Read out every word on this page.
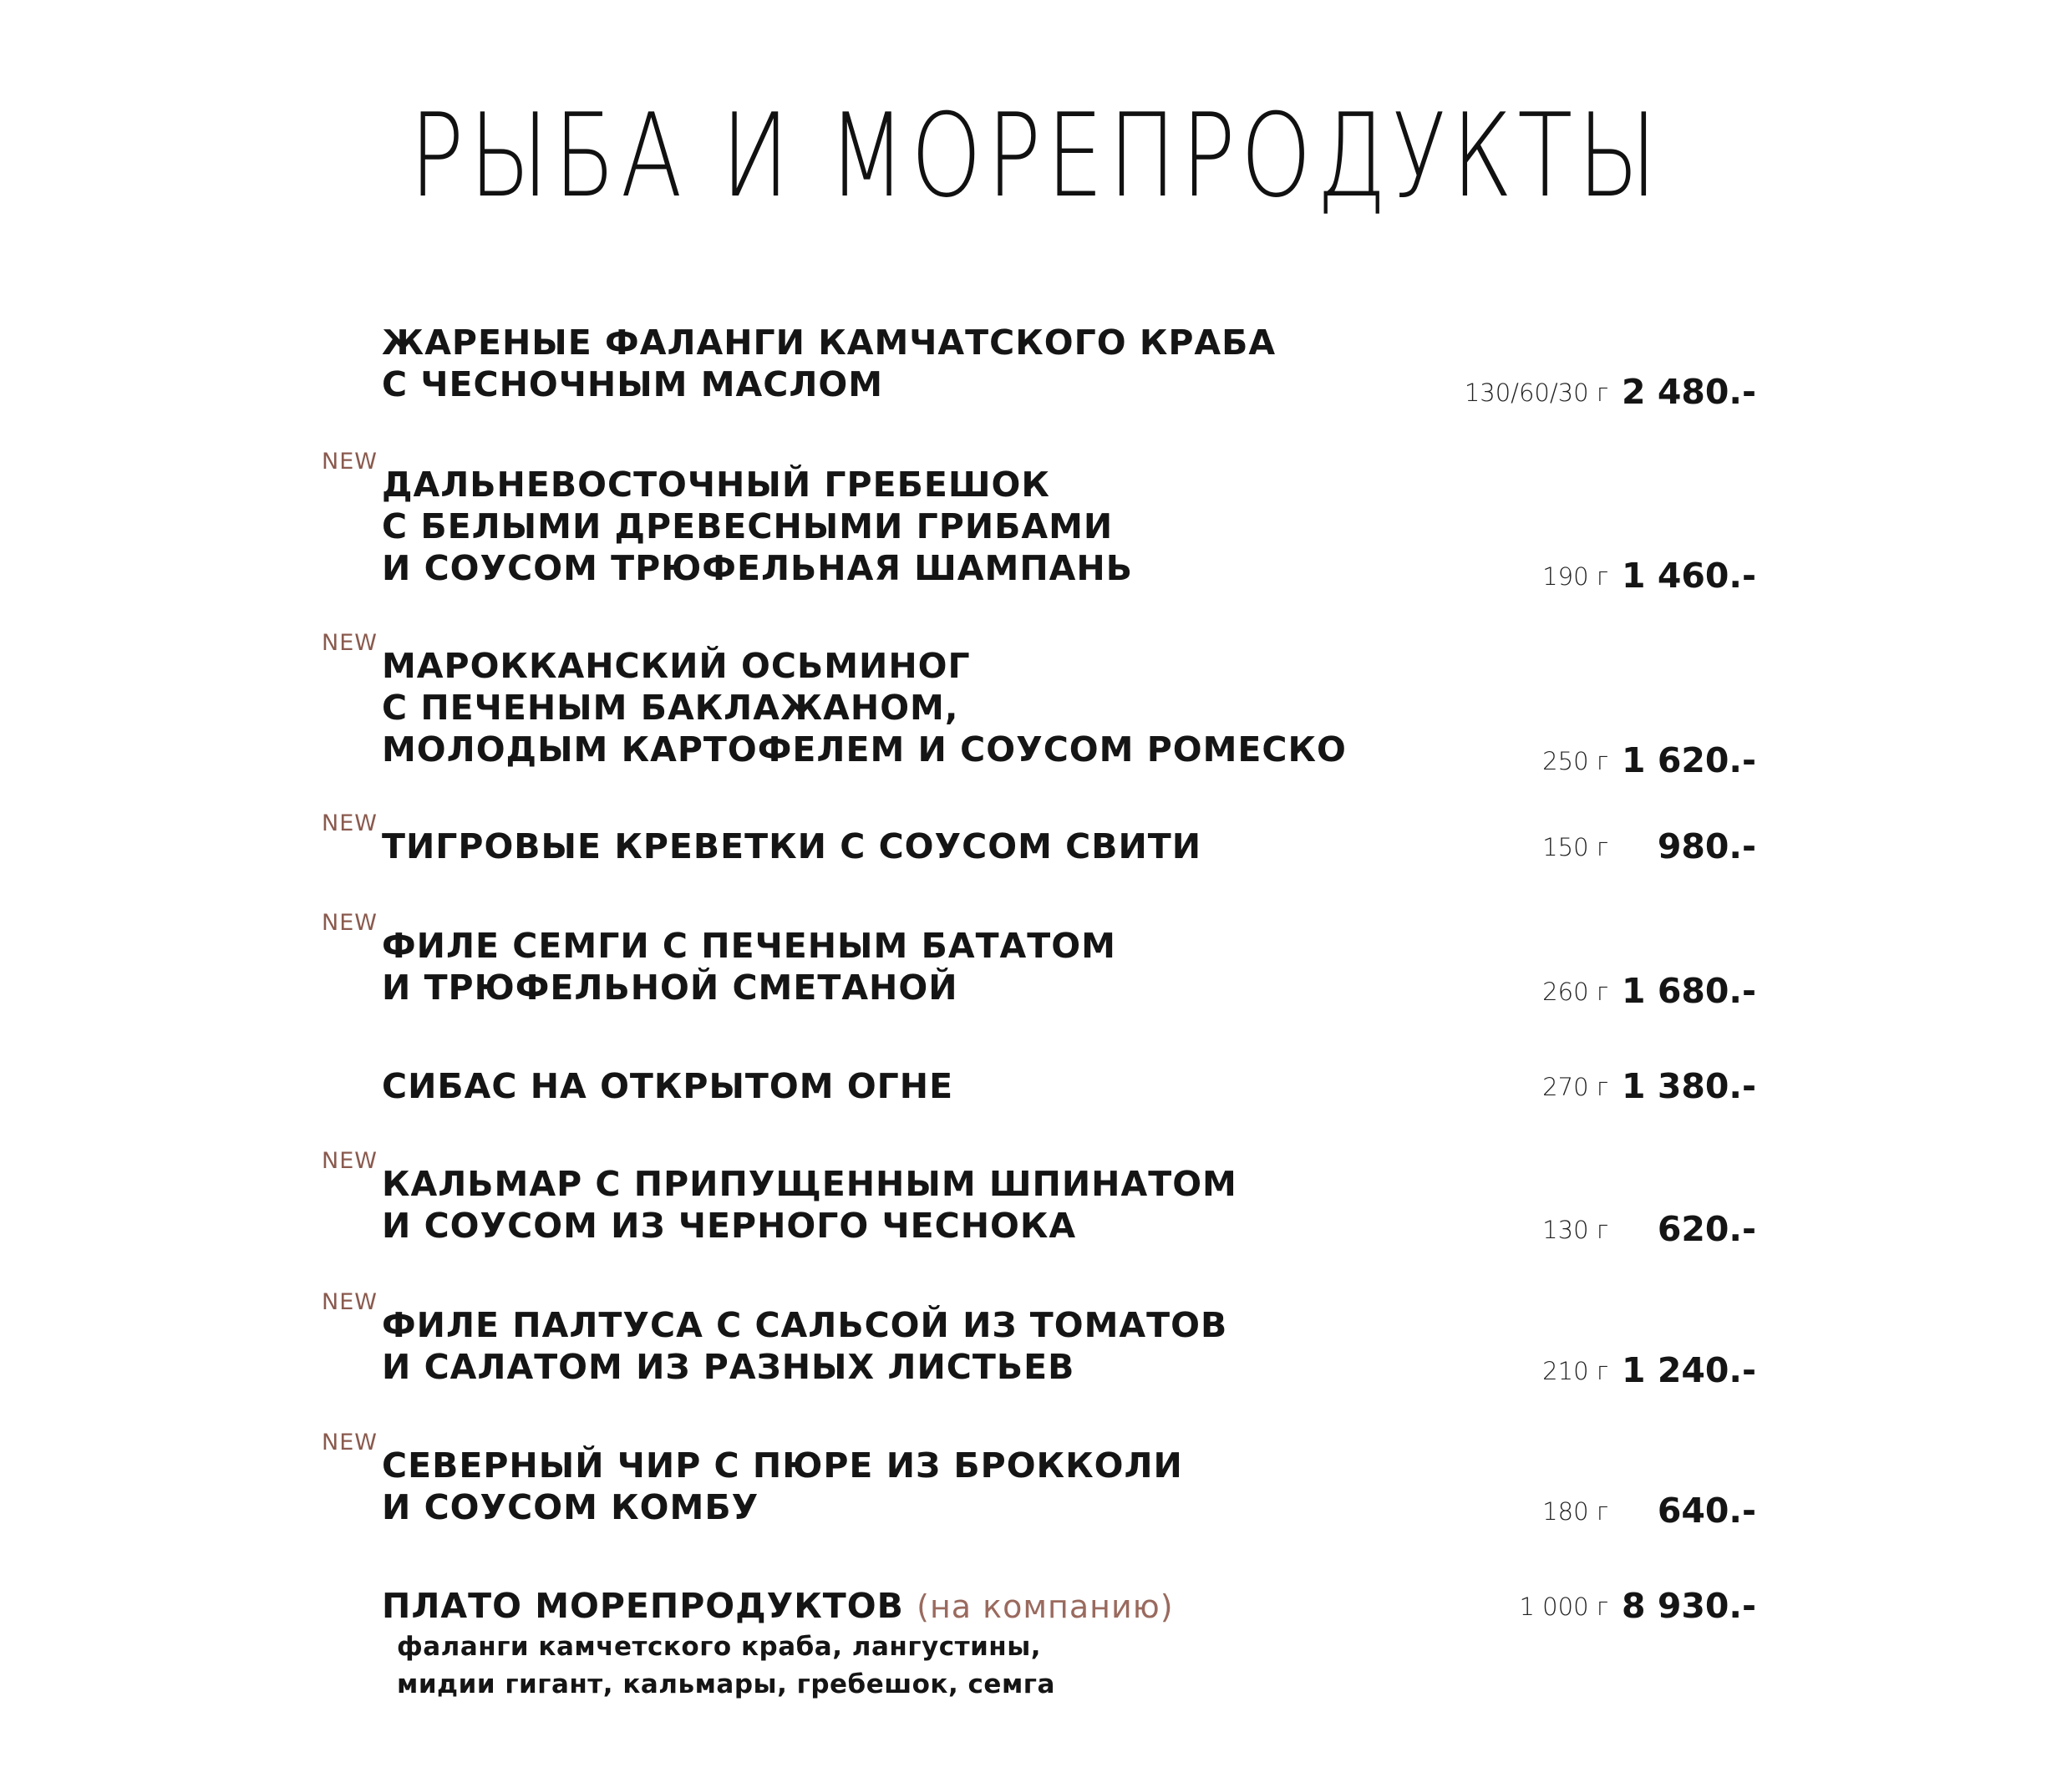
РЫБА И МОРЕПРОДУКТЫ
ЖАРЕНЫЕ ФАЛАНГИ КАМЧАТСКОГО КРАБА
С ЧЕСНОЧНЫМ МАСЛОМ	130/60/30 г 2 480.-
NEW
ДАЛЬНЕВОСТОЧНЫЙ ГРЕБЕШОК
С БЕЛЫМИ ДРЕВЕСНЫМИ ГРИБАМИ
И СОУСОМ ТРЮФЕЛЬНАЯ ШАМПАНЬ	190 г 1 460.-
NEW
МАРОККАНСКИЙ ОСЬМИНОГ
С ПЕЧЕНЫМ БАКЛАЖАНОМ,
МОЛОДЫМ КАРТОФЕЛЕМ И СОУСОМ РОМЕСКО	250 г 1 620.-
NEW
ТИГРОВЫЕ КРЕВЕТКИ С СОУСОМ СВИТИ	150 г	980.-
NEW
ФИЛЕ СЕМГИ С ПЕЧЕНЫМ БАТАТОМ
И ТРЮФЕЛЬНОЙ СМЕТАНОЙ	260 г 1 680.-
СИБАС НА ОТКРЫТОМ ОГНЕ	270 г 1 380.-
NEW
КАЛЬМАР С ПРИПУЩЕННЫМ ШПИНАТОМ
И СОУСОМ ИЗ ЧЕРНОГО ЧЕСНОКА	130 г	620.-
NEW
ФИЛЕ ПАЛТУСА С САЛЬСОЙ ИЗ ТОМАТОВ
И САЛАТОМ ИЗ РАЗНЫХ ЛИСТЬЕВ	210 г 1 240.-
NEW
СЕВЕРНЫЙ ЧИР С ПЮРЕ ИЗ БРОККОЛИ
И СОУСОМ КОМБУ	180 г	640.-
ПЛАТО МОРЕПРОДУКТОВ (на компанию)	1 000 г 8 930.-
фаланги камчетского краба, лангустины,
мидии гигант, кальмары, гребешок, семга
